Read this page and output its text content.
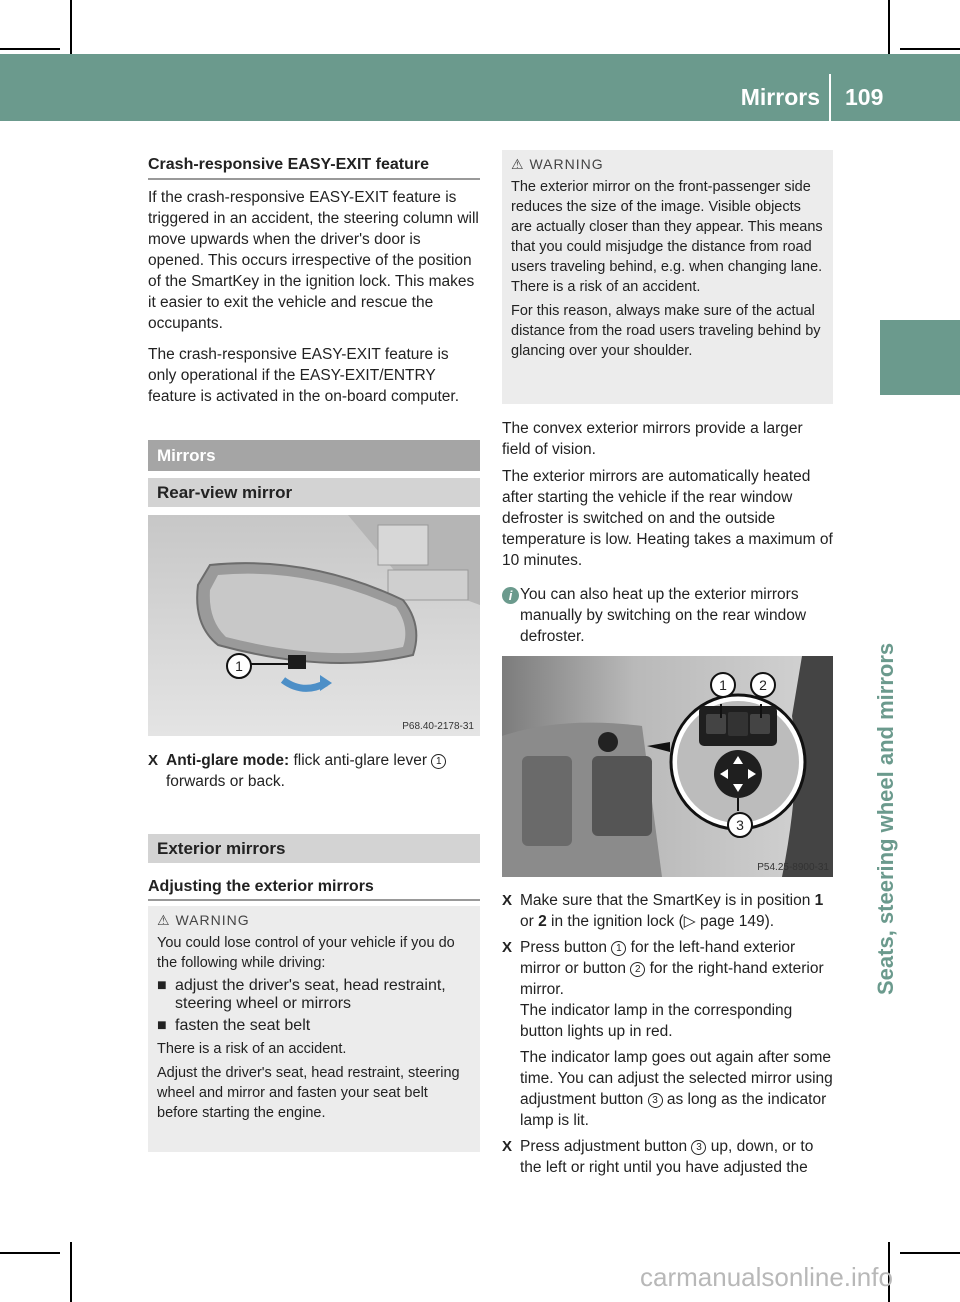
Mirrors 109
Seats, steering wheel and mirrors
Crash-responsive EASY-EXIT feature

If the crash-responsive EASY-EXIT feature is triggered in an accident, the steering column will move upwards when the driver's door is opened. This occurs irrespective of the position of the SmartKey in the ignition lock. This makes it easier to exit the vehicle and rescue the occupants.

The crash-responsive EASY-EXIT feature is only operational if the EASY-EXIT/ENTRY feature is activated in the on-board computer.

Mirrors
Rear-view mirror
1
P68.40-2178-31
X Anti-glare mode: flick anti-glare lever 1 forwards or back.
Exterior mirrors
Adjusting the exterior mirrors
⚠ WARNING

You could lose control of your vehicle if you do the following while driving:

■ adjust the driver's seat, head restraint, steering wheel or mirrors
■ fasten the seat belt

There is a risk of an accident.

Adjust the driver's seat, head restraint, steering wheel and mirror and fasten your seat belt before starting the engine.

⚠ WARNING

The exterior mirror on the front-passenger side reduces the size of the image. Visible objects are actually closer than they appear. This means that you could misjudge the distance from road users traveling behind, e.g. when changing lane. There is a risk of an accident.

For this reason, always make sure of the actual distance from the road users traveling behind by glancing over your shoulder.

The convex exterior mirrors provide a larger field of vision.

The exterior mirrors are automatically heated after starting the vehicle if the rear window defroster is switched on and the outside temperature is low. Heating takes a maximum of 10 minutes.

i You can also heat up the exterior mirrors manually by switching on the rear window defroster.
1	2
3
P54.25-8900-31
X Make sure that the SmartKey is in position 1 or 2 in the ignition lock (▷ page 149).
X Press button 1 for the left-hand exterior mirror or button 2 for the right-hand exterior mirror.
The indicator lamp in the corresponding button lights up in red.

The indicator lamp goes out again after some time. You can adjust the selected mirror using adjustment button 3 as long as the indicator lamp is lit.
X Press adjustment button 3 up, down, or to the left or right until you have adjusted the
carmanualsonline.info
